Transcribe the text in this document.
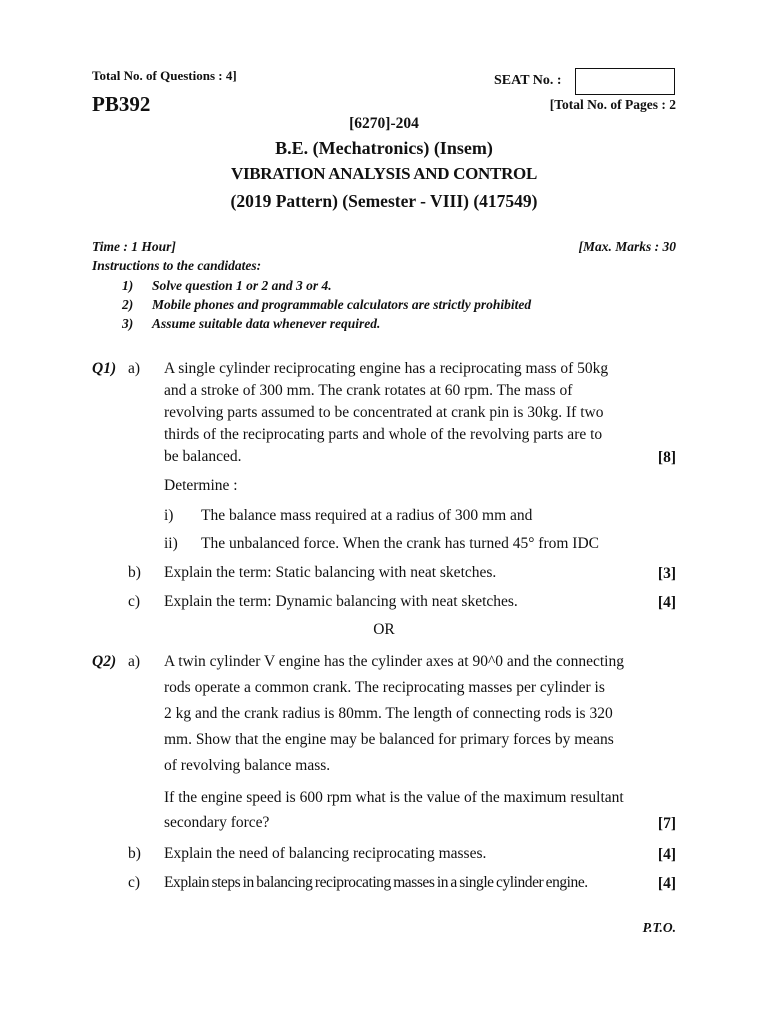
Total No. of Questions : 4]
PB392
SEAT No. :
[Total No. of Pages : 2
[6270]-204
B.E. (Mechatronics) (Insem)
VIBRATION ANALYSIS AND CONTROL
(2019 Pattern) (Semester - VIII) (417549)
Time : 1 Hour]	[Max. Marks : 30
Instructions to the candidates:
1) Solve question 1 or 2 and 3 or 4.
2) Mobile phones and programmable calculators are strictly prohibited
3) Assume suitable data whenever required.
Q1) a) A single cylinder reciprocating engine has a reciprocating mass of 50kg
and a stroke of 300 mm. The crank rotates at 60 rpm. The mass of
revolving parts assumed to be concentrated at crank pin is 30kg. If two
thirds of the reciprocating parts and whole of the revolving parts are to
be balanced.	[8]
Determine :
i) The balance mass required at a radius of 300 mm and
ii) The unbalanced force. When the crank has turned 45° from IDC
b) Explain the term: Static balancing with neat sketches.	[3]
c) Explain the term: Dynamic balancing with neat sketches.	[4]
OR
Q2) a) A twin cylinder V engine has the cylinder axes at 90^0 and the connecting
rods operate a common crank. The reciprocating masses per cylinder is
2 kg and the crank radius is 80mm. The length of connecting rods is 320
mm. Show that the engine may be balanced for primary forces by means
of revolving balance mass.
If the engine speed is 600 rpm what is the value of the maximum resultant
secondary force?	[7]
b) Explain the need of balancing reciprocating masses.	[4]
c) Explain steps in balancing reciprocating masses in a single cylinder engine.	[4]
P.T.O.
